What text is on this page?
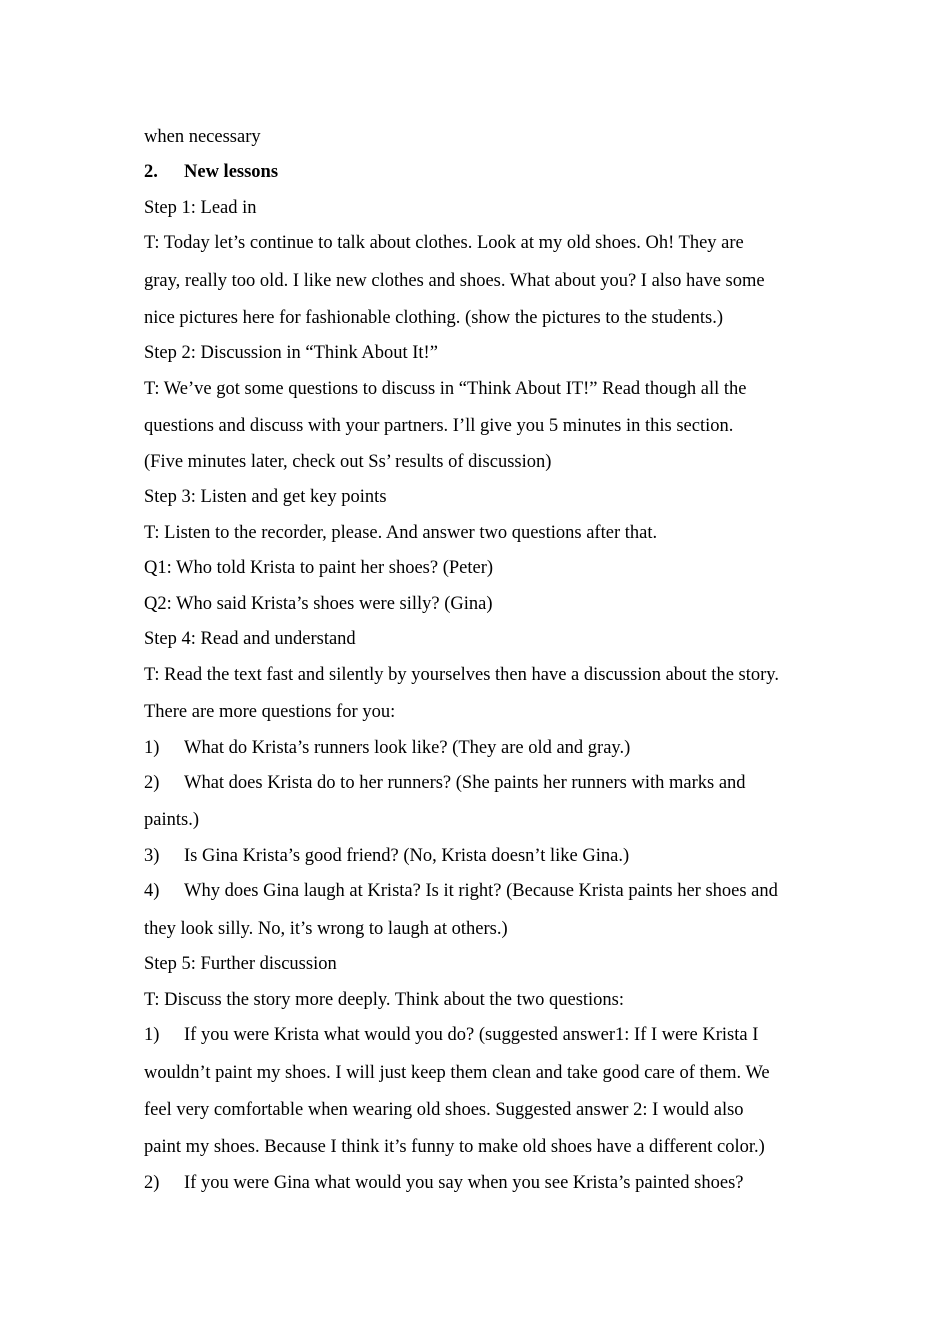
when necessary
2. New lessons
Step 1: Lead in
T: Today let’s continue to talk about clothes. Look at my old shoes. Oh! They are
gray, really too old. I like new clothes and shoes. What about you? I also have some
nice pictures here for fashionable clothing. (show the pictures to the students.)
Step 2: Discussion in “Think About It!”
T: We’ve got some questions to discuss in “Think About IT!” Read though all the
questions and discuss with your partners. I’ll give you 5 minutes in this section.
(Five minutes later, check out Ss’ results of discussion)
Step 3: Listen and get key points
T: Listen to the recorder, please. And answer two questions after that.
Q1: Who told Krista to paint her shoes? (Peter)
Q2: Who said Krista’s shoes were silly? (Gina)
Step 4: Read and understand
T: Read the text fast and silently by yourselves then have a discussion about the story.
There are more questions for you:
1) What do Krista’s runners look like? (They are old and gray.)
2) What does Krista do to her runners? (She paints her runners with marks and
paints.)
3) Is Gina Krista’s good friend? (No, Krista doesn’t like Gina.)
4) Why does Gina laugh at Krista? Is it right? (Because Krista paints her shoes and
they look silly. No, it’s wrong to laugh at others.)
Step 5: Further discussion
T: Discuss the story more deeply. Think about the two questions:
1) If you were Krista what would you do? (suggested answer1: If I were Krista I
wouldn’t paint my shoes. I will just keep them clean and take good care of them. We
feel very comfortable when wearing old shoes. Suggested answer 2: I would also
paint my shoes. Because I think it’s funny to make old shoes have a different color.)
2) If you were Gina what would you say when you see Krista’s painted shoes?
